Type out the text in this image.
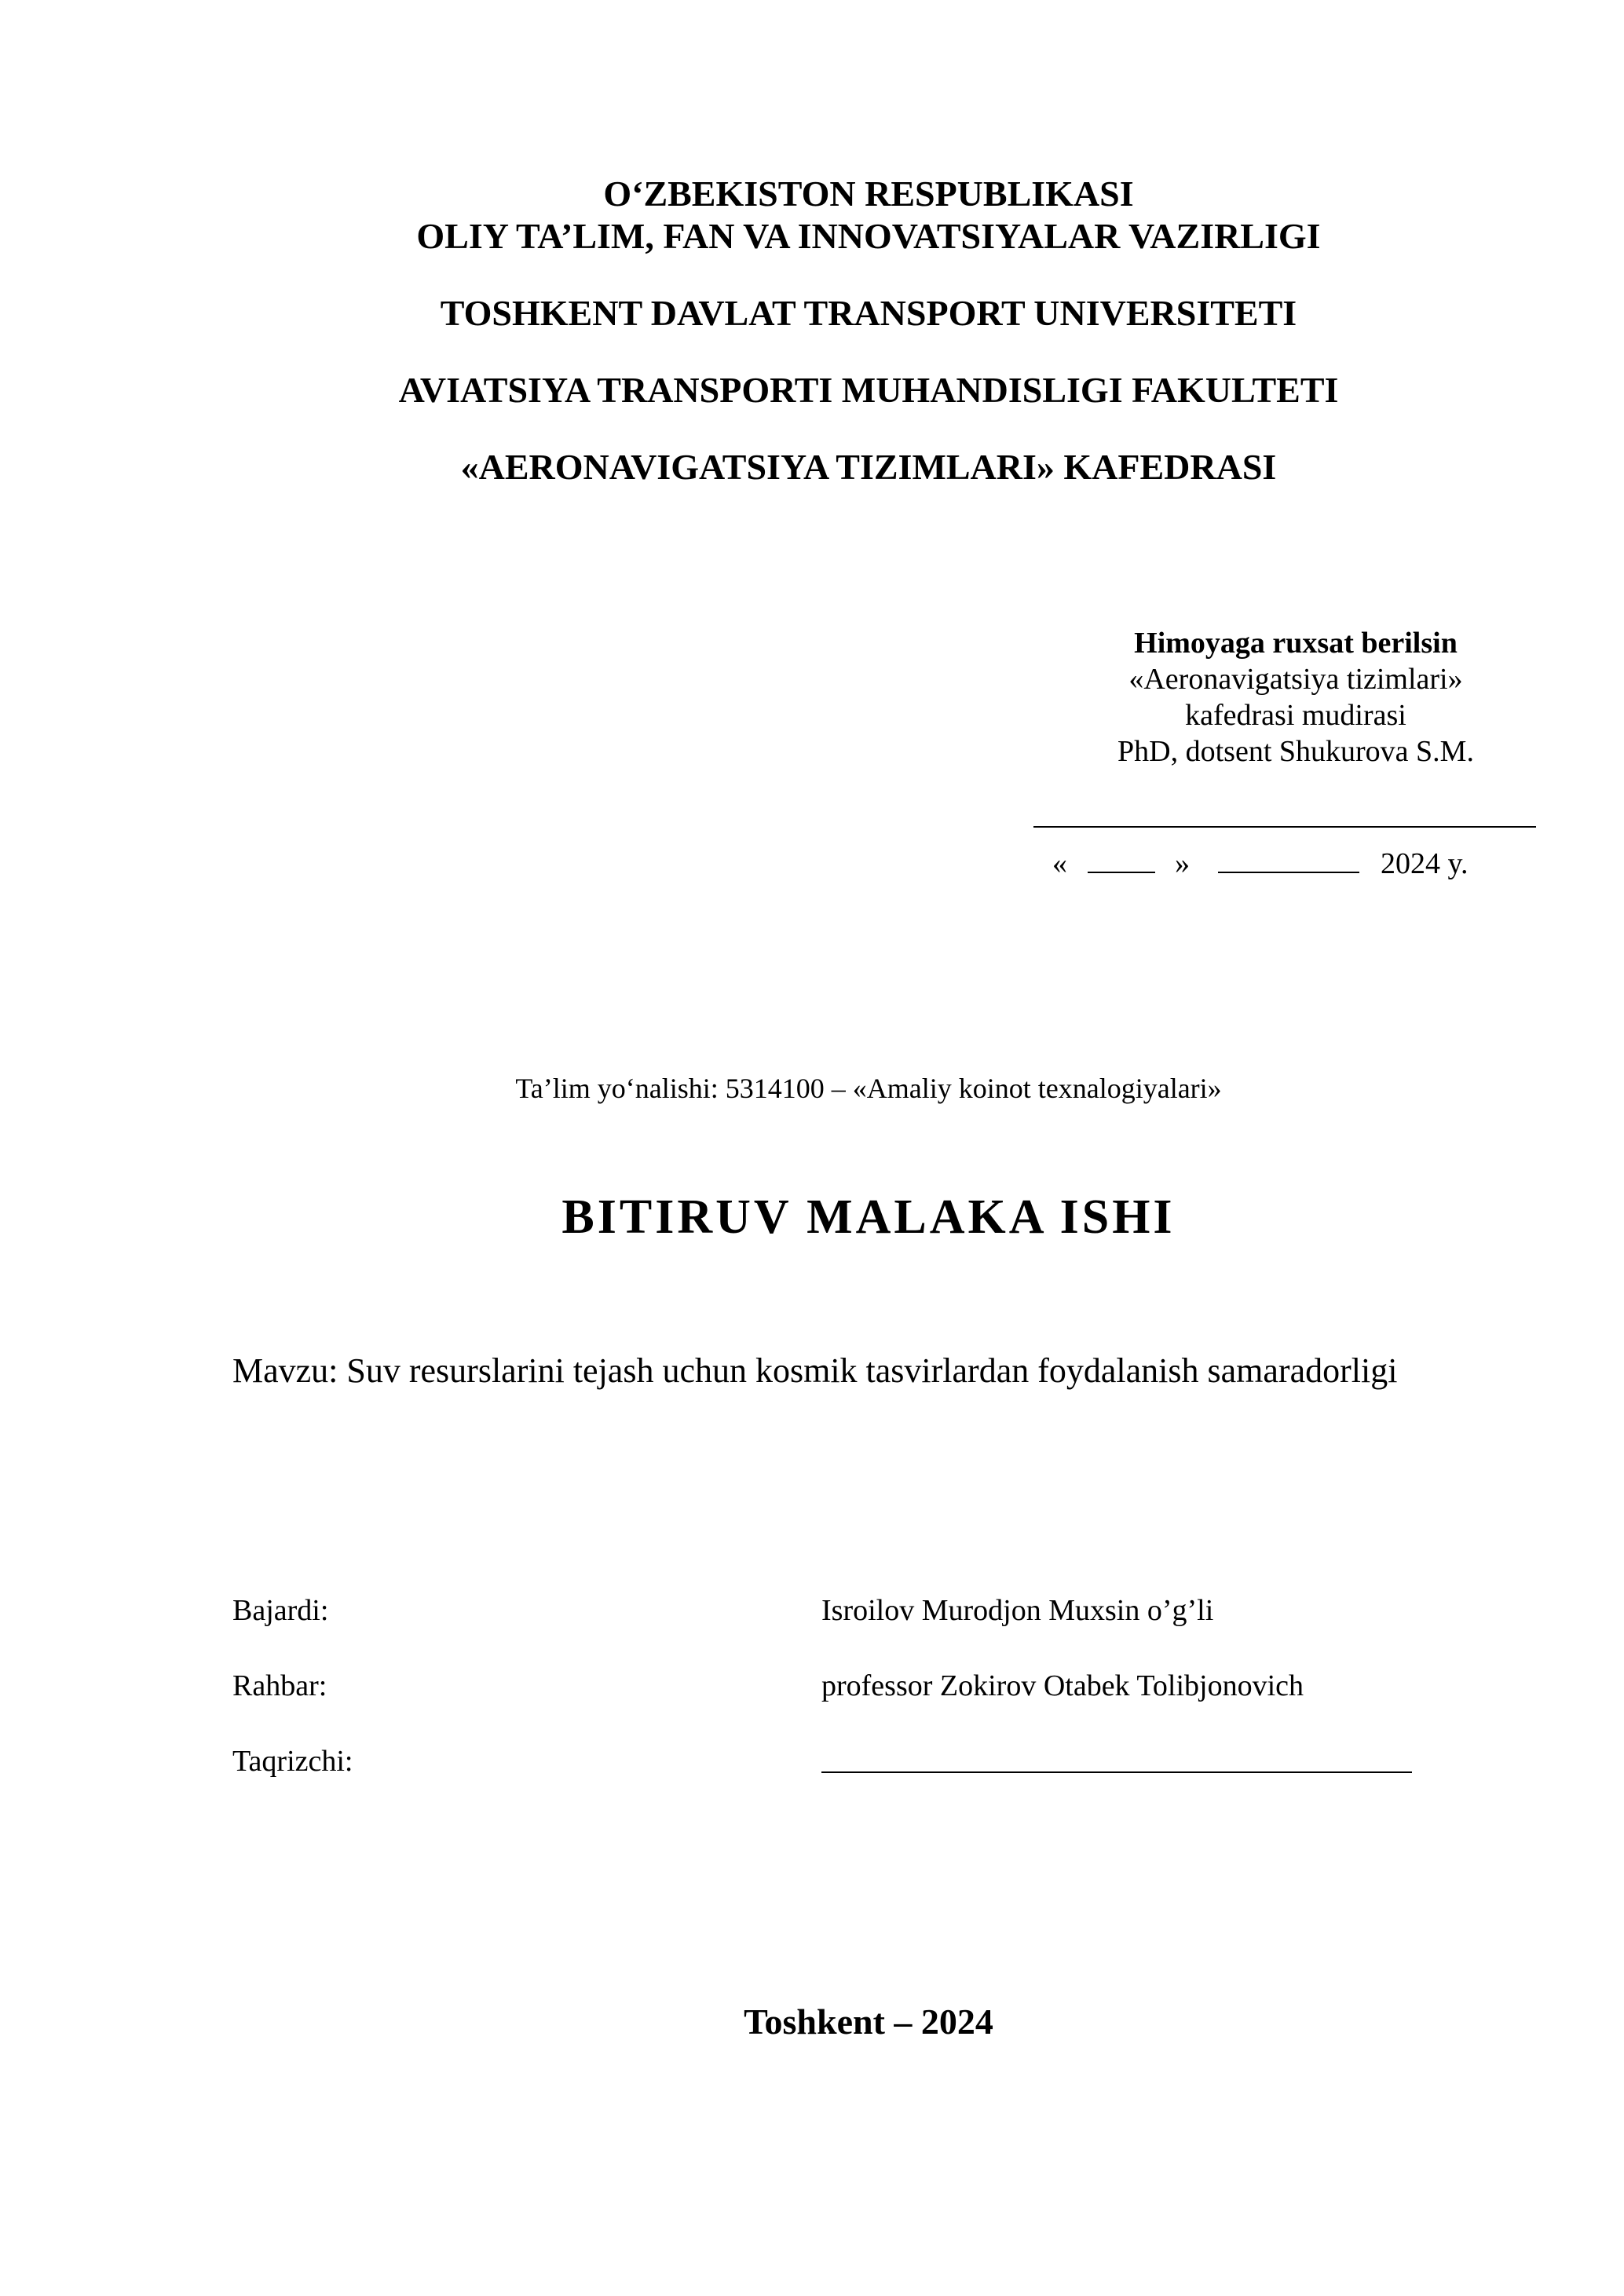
O‘ZBEKISTON RESPUBLIKASI
OLIY TA’LIM, FAN VA INNOVATSIYALAR VAZIRLIGI
TOSHKENT DAVLAT TRANSPORT UNIVERSITETI
AVIATSIYA TRANSPORTI MUHANDISLIGI FAKULTETI
«AERONAVIGATSIYA TIZIMLARI» KAFEDRASI
Himoyaga ruxsat berilsin
«Aeronavigatsiya tizimlari»
kafedrasi mudirasi
PhD, dotsent Shukurova S.M.
«	»	2024 y.
Ta’lim yo‘nalishi: 5314100 – «Amaliy koinot texnalogiyalari»
BITIRUV MALAKA ISHI
Mavzu: Suv resurslarini tejash uchun kosmik tasvirlardan foydalanish samaradorligi
Bajardi:	Isroilov Murodjon Muxsin o’g’li
Rahbar:	professor Zokirov Otabek Tolibjonovich
Taqrizchi:
Toshkent – 2024
